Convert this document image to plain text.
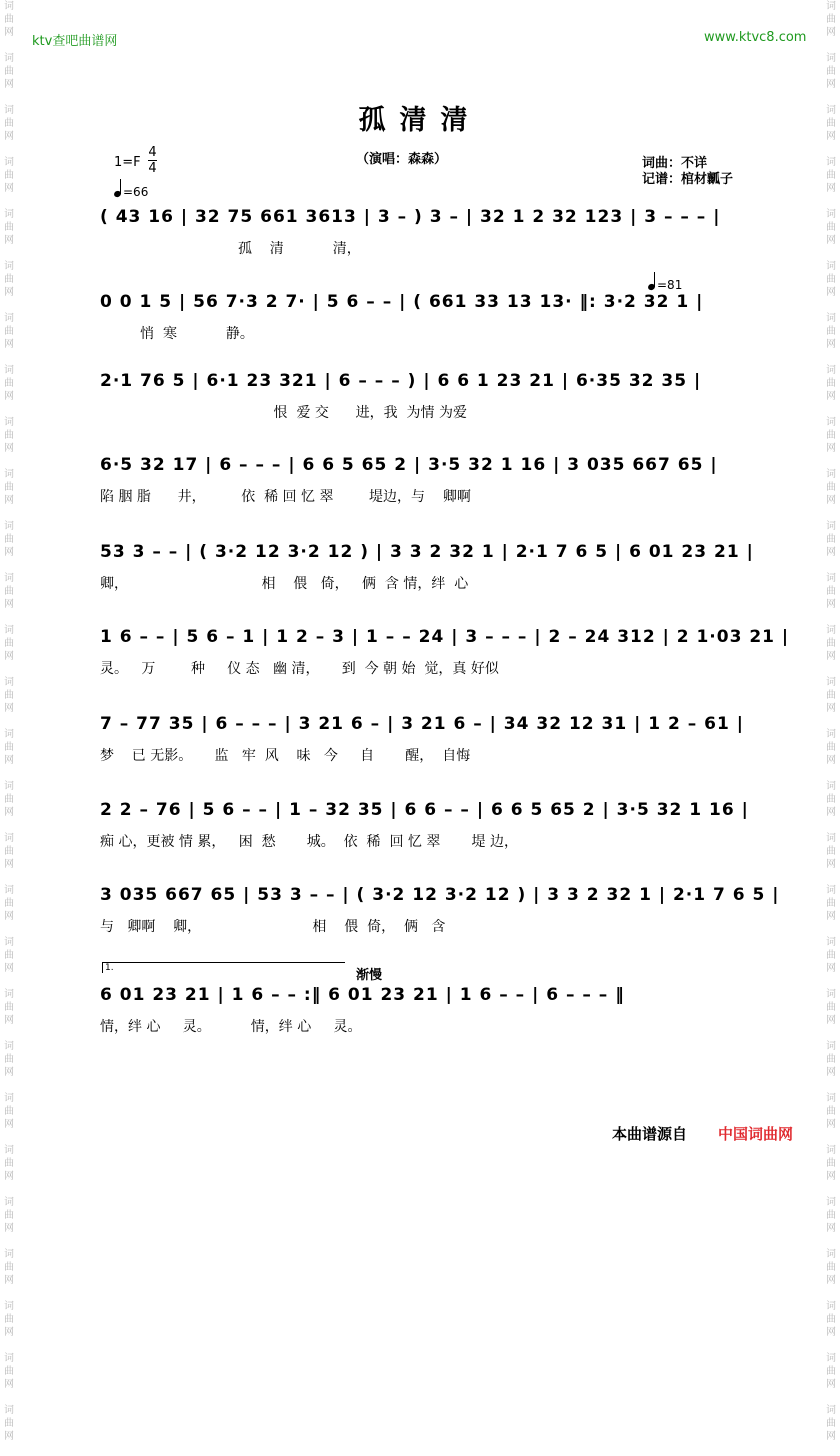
词
曲
网

词
曲
网

词
曲
网

词
曲
网

词
曲
网

词
曲
网

词
曲
网

词
曲
网

词
曲
网

词
曲
网

词
曲
网

词
曲
网

词
曲
网

词
曲
网

词
曲
网

词
曲
网

词
曲
网

词
曲
网

词
曲
网

词
曲
网

词
曲
网

词
曲
网

词
曲
网

词
曲
网

词
曲
网

词
曲
网

词
曲
网

词
曲
网

词
曲
网

词
曲
网

词
曲
网

词
曲
网

词
曲
网

词
曲
网

词
曲
网

词
曲
网

词
曲
网

词
曲
网

词
曲
网

词
曲
网

词
曲
网

词
曲
网

词
曲
网

词
曲
网

词
曲
网

词
曲
网

词
曲
网

词
曲
网

词
曲
网

词
曲
网

词
曲
网

词
曲
网

词
曲
网

词
曲
网

词
曲
网

词
曲
网

ktv查吧曲谱网	www.ktvc8.com
孤清清
（演唱：森森）	词曲：不详
记谱：棺材瓤子
1=F
4
4
=66
=81
( 43 16 | 32 75 661 3613 | 3 – ) 3 – | 32 1 2 32 123 | 3 – – – |
孤    清           清，
0 0 1 5 | 56 7·3 2 7· | 5 6 – – | ( 661 33 13 13· ‖: 3·2 32 1 |
悄  寒           静。
2·1 76 5 | 6·1 23 321 | 6 – – – ) | 6 6 1 23 21 | 6·35 32 35 |
恨  爱 交      进，我  为情 为爱
6·5 32 17 | 6 – – – | 6 6 5 65 2 | 3·5 32 1 16 | 3 035 667 65 |
陷 胭 脂      井，        依  稀 回 忆 翠        堤边，与    卿啊
53 3 – – | ( 3·2 12 3·2 12 ) | 3 3 2 32 1 | 2·1 7 6 5 | 6 01 23 21 |
卿，                              相    偎   倚，   俩  含 情，绊  心
1 6 – – | 5 6 – 1 | 1 2 – 3 | 1 – – 24 | 3 – – – | 2 – 24 312 | 2 1·03 21 |
灵。   万        种     仪 态   幽 清，     到  今 朝 始  觉，真 好似
7 – 77 35 | 6 – – – | 3 21 6 – | 3 21 6 – | 34 32 12 31 | 1 2 – 61 |
梦    已 无影。     监   牢  风    味   今     自       醒，  自悔
2 2 – 76 | 5 6 – – | 1 – 32 35 | 6 6 – – | 6 6 5 65 2 | 3·5 32 1 16 |
痴 心，更被 情 累，   困  愁       城。  依  稀  回 忆 翠       堤 边，
3 035 667 65 | 53 3 – – | ( 3·2 12 3·2 12 ) | 3 3 2 32 1 | 2·1 7 6 5 |
与   卿啊    卿，                         相    偎  倚，  俩   含
1.	渐慢
6 01 23 21 | 1 6 – – :‖ 6 01 23 21 | 1 6 – – | 6 – – – ‖
情，绊 心     灵。         情，绊 心     灵。
本曲谱源自 中国词曲网
